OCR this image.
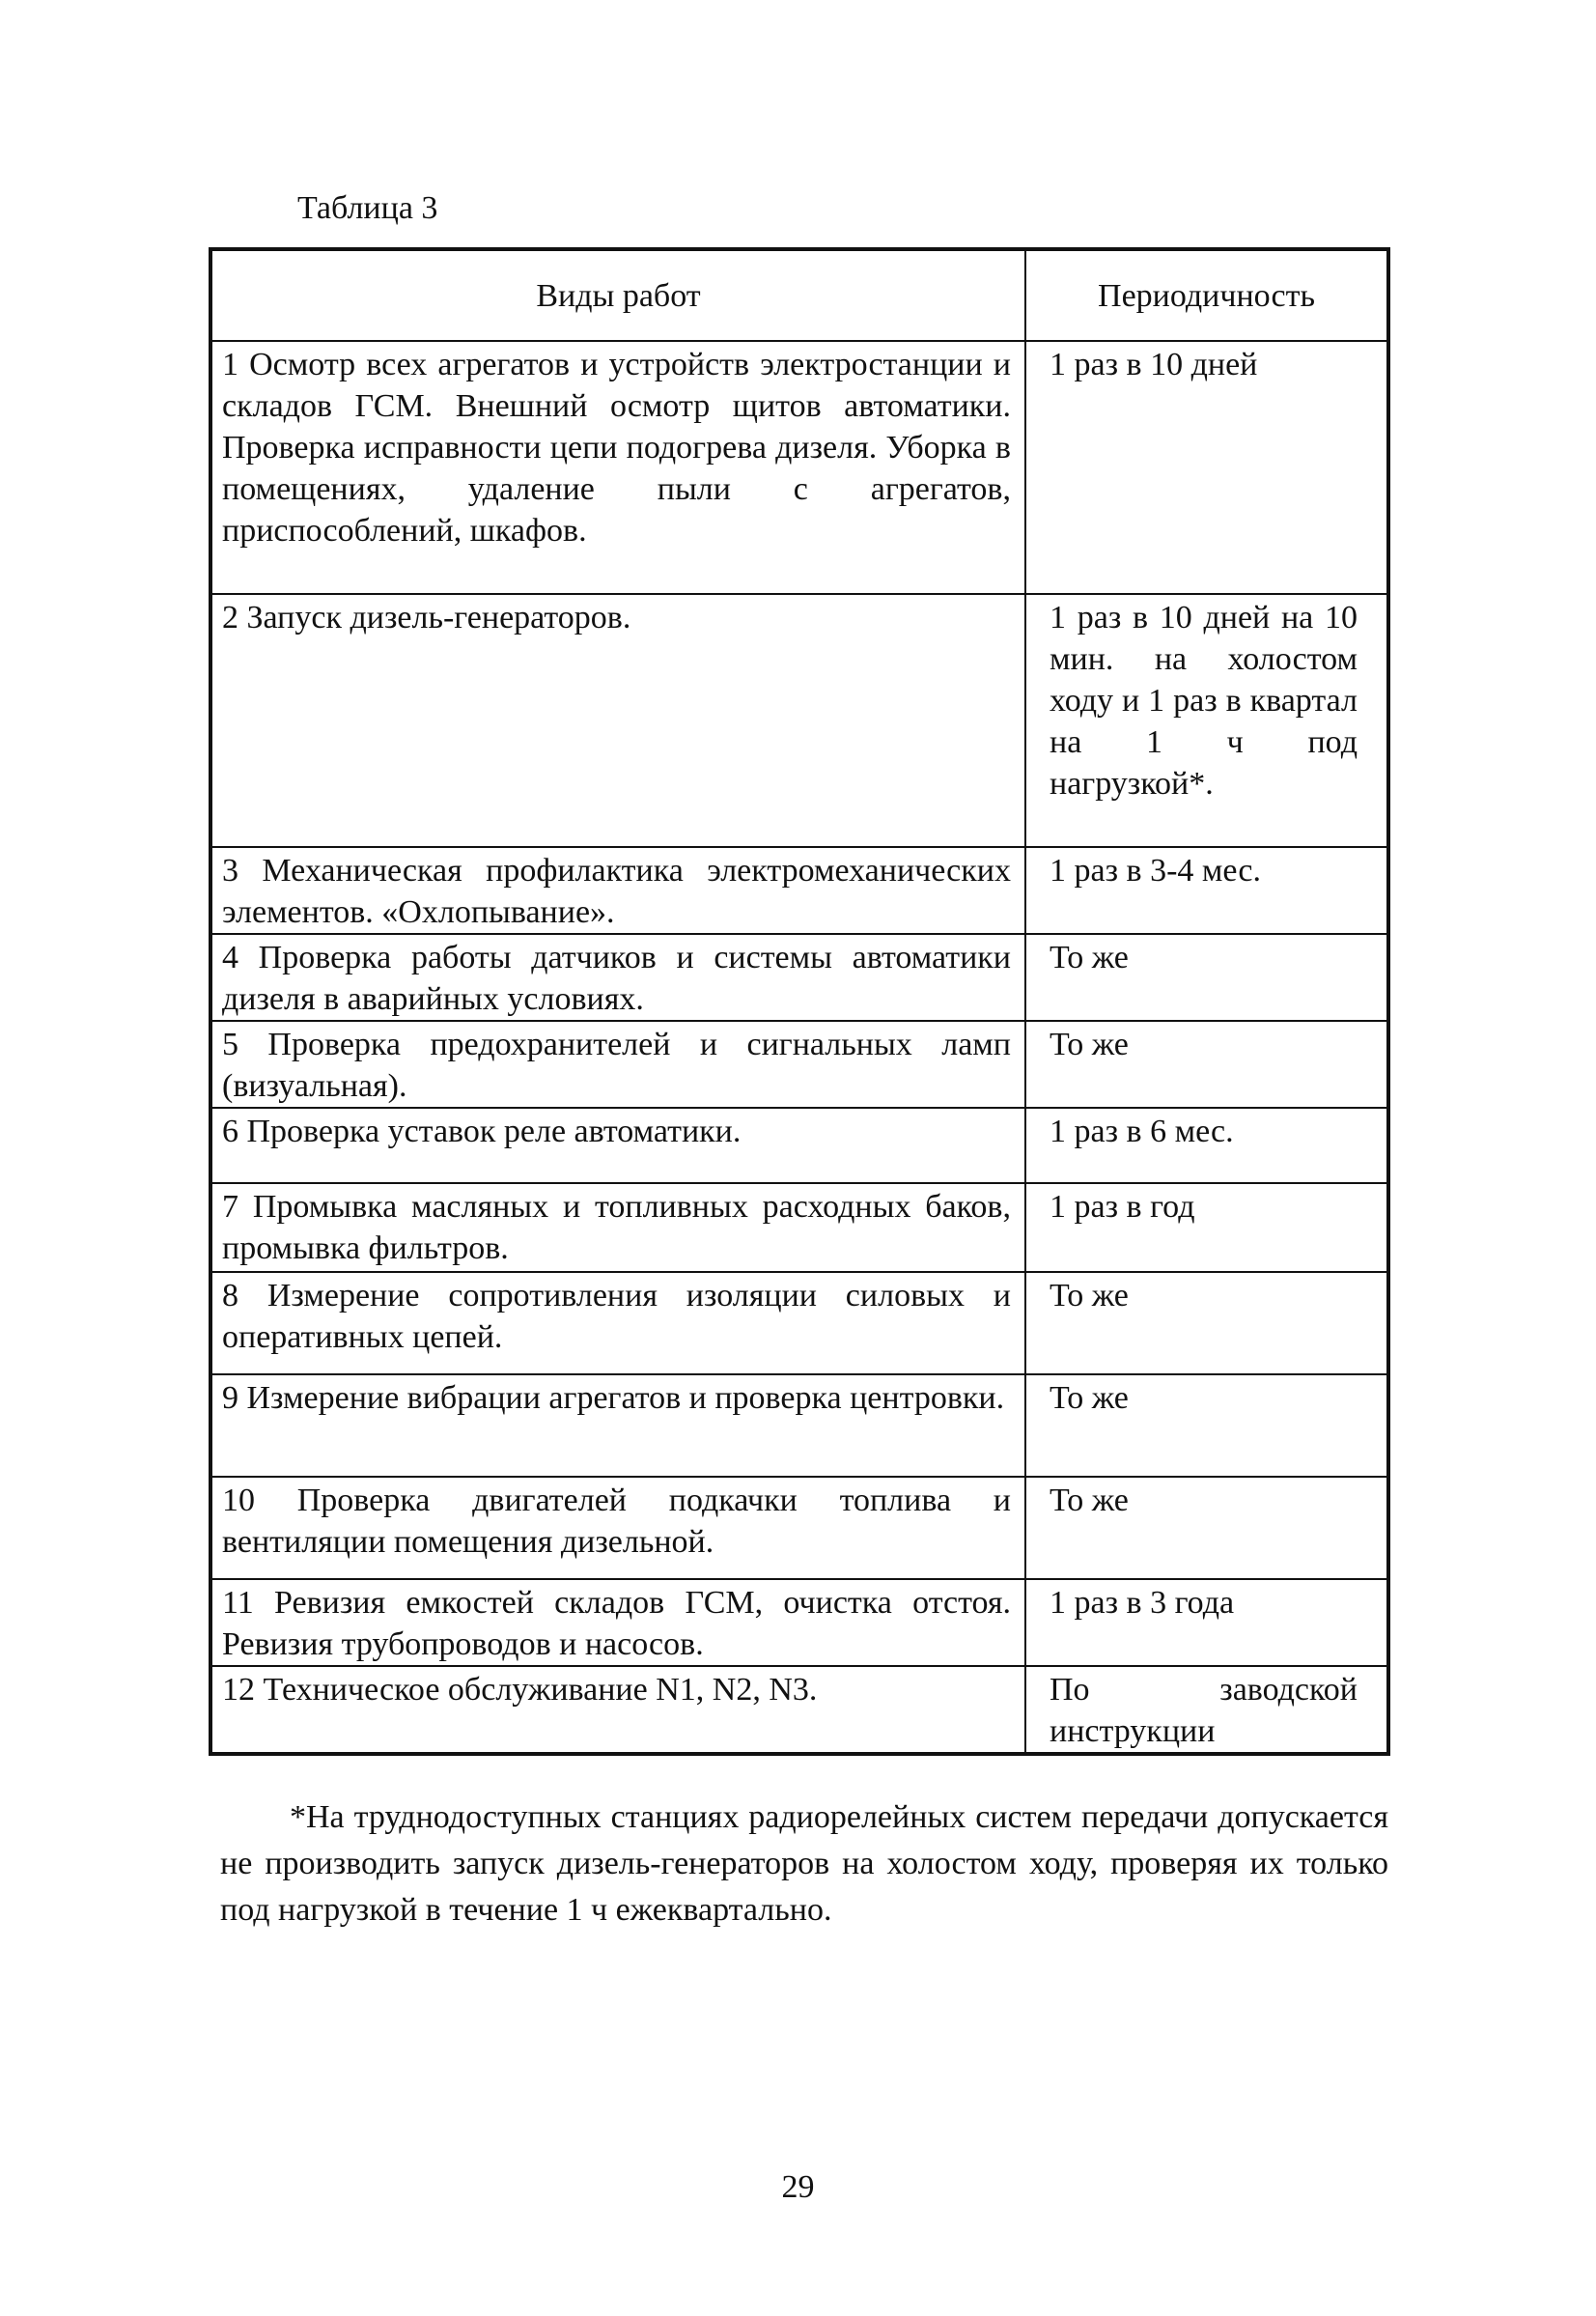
Таблица 3
Виды работ	Периодичность

1 Осмотр всех агрегатов и устройств электростанции и складов ГСМ. Внешний осмотр щитов автоматики. Проверка исправности цепи подогрева дизеля. Уборка в помещениях, удаление пыли с агрегатов, приспособлений, шкафов.	1 раз в 10 дней

2 Запуск дизель-генераторов.	1 раз в 10 дней на 10 мин. на холостом ходу и 1 раз в квартал на 1 ч под нагрузкой*.

3 Механическая профилактика электромеханических элементов. «Охлопывание».	1 раз в 3-4 мес.

4 Проверка работы датчиков и системы автоматики дизеля в аварийных условиях.	То же

5 Проверка предохранителей и сигнальных ламп (визуальная).	То же

6 Проверка уставок реле автоматики.	1 раз в 6 мес.

7 Промывка масляных и топливных расходных баков, промывка фильтров.	1 раз в год

8 Измерение сопротивления изоляции силовых и оперативных цепей.	То же

9 Измерение вибрации агрегатов и проверка центровки.	То же

10 Проверка двигателей подкачки топлива и вентиляции помещения дизельной.	То же

11 Ревизия емкостей складов ГСМ, очистка отстоя. Ревизия трубопроводов и насосов.	1 раз в 3 года

12 Техническое обслуживание N1, N2, N3.	По заводской инструкции
*На труднодоступных станциях радиорелейных систем передачи допускается не производить запуск дизель-генераторов на холостом ходу, проверяя их только под нагрузкой в течение 1 ч ежеквартально.
29
